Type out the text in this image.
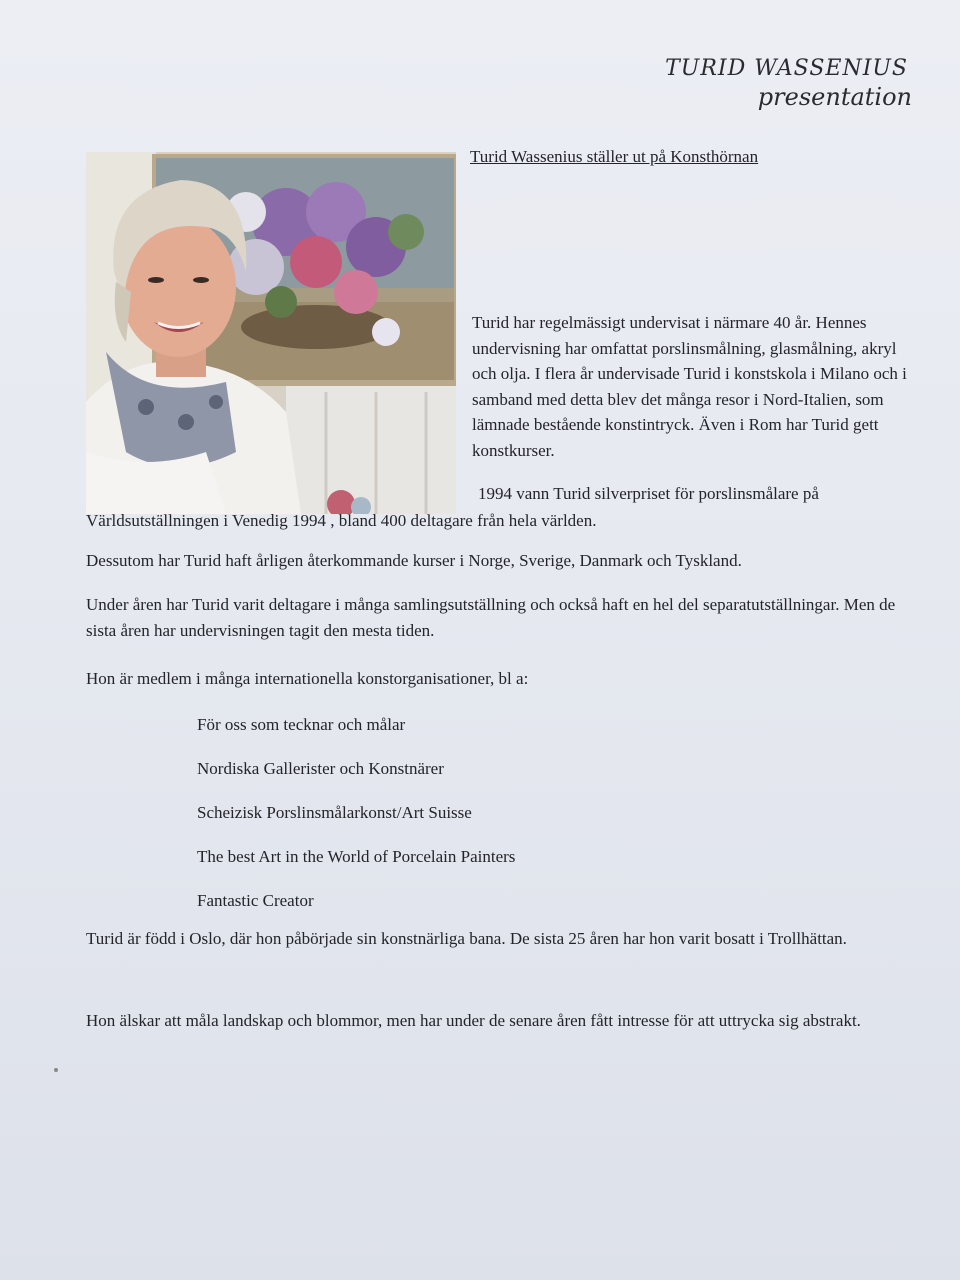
TURID WASSENIUS
presentation
Turid Wassenius ställer ut på Konsthörnan
Turid har regelmässigt undervisat i närmare 40 år. Hennes undervisning har omfattat porslinsmålning, glasmålning, akryl och olja. I flera år undervisade Turid i konstskola i Milano och i samband med detta blev det många resor i Nord-Italien, som lämnade bestående konstintryck. Även i Rom har Turid gett konstkurser.
1994 vann Turid silverpriset för porslinsmålare på
Världsutställningen i Venedig 1994 , bland 400 deltagare från hela världen.
Dessutom har Turid haft årligen återkommande kurser i Norge, Sverige, Danmark och Tyskland.
Under åren har Turid varit deltagare i många samlingsutställning och också haft en hel del separatutställningar. Men de sista åren har undervisningen tagit den mesta tiden.
Hon är medlem i många internationella konstorganisationer, bl a:
För oss som tecknar och målar
Nordiska Gallerister och Konstnärer
Scheizisk Porslinsmålarkonst/Art Suisse
The best Art in the World of Porcelain Painters
Fantastic Creator
Turid är född i Oslo, där hon påbörjade sin konstnärliga bana. De sista 25 åren har hon varit bosatt i Trollhättan.
Hon älskar att måla landskap och blommor, men har under de senare åren fått intresse för att uttrycka sig abstrakt.
